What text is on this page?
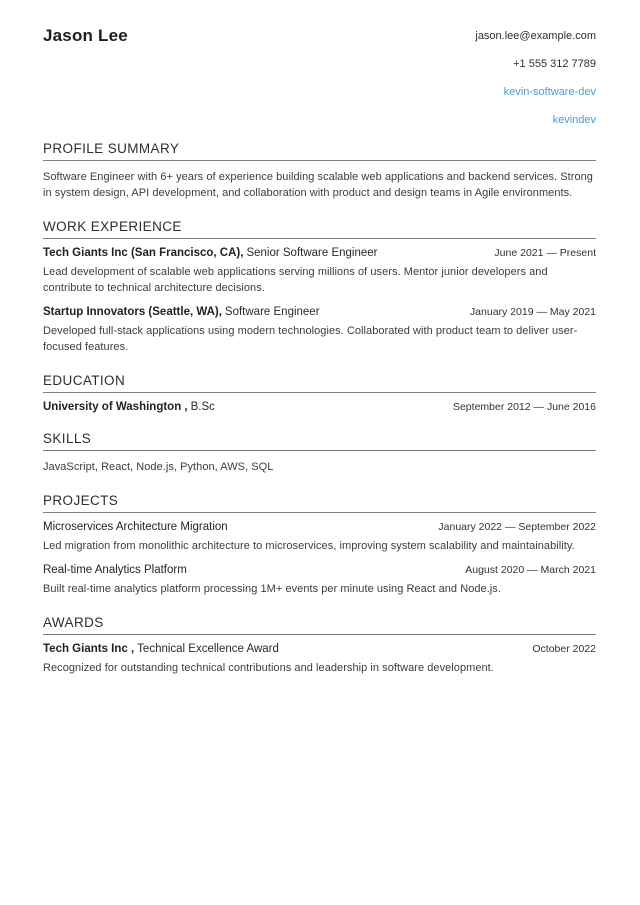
Jason Lee	jason.lee@example.com
+1 555 312 7789
kevin-software-dev
kevindev
PROFILE SUMMARY

Software Engineer with 6+ years of experience building scalable web applications and backend services. Strong in system design, API development, and collaboration with product and design teams in Agile environments.

WORK EXPERIENCE
Tech Giants Inc (San Francisco, CA), Senior Software Engineer	June 2021 — Present

Lead development of scalable web applications serving millions of users. Mentor junior developers and contribute to technical architecture decisions.

Startup Innovators (Seattle, WA), Software Engineer	January 2019 — May 2021

Developed full-stack applications using modern technologies. Collaborated with product team to deliver user-focused features.

EDUCATION
University of Washington , B.Sc	September 2012 — June 2016
SKILLS

JavaScript, React, Node.js, Python, AWS, SQL

PROJECTS
Microservices Architecture Migration	January 2022 — September 2022

Led migration from monolithic architecture to microservices, improving system scalability and maintainability.

Real-time Analytics Platform	August 2020 — March 2021

Built real-time analytics platform processing 1M+ events per minute using React and Node.js.

AWARDS
Tech Giants Inc , Technical Excellence Award	October 2022

Recognized for outstanding technical contributions and leadership in software development.
